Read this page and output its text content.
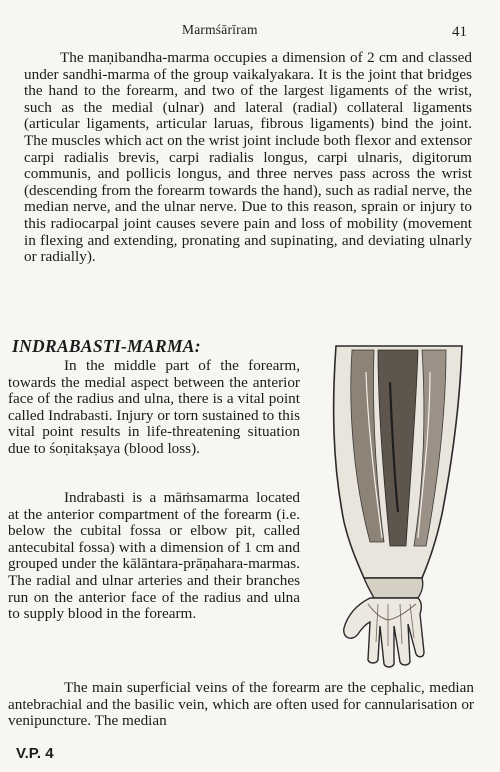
Marmśārīram	41

The maṇibandha-marma occupies a dimension of 2 cm and classed under sandhi-marma of the group vaikalyakara. It is the joint that bridges the hand to the forearm, and two of the largest ligaments of the wrist, such as the medial (ulnar) and lateral (radial) collateral ligaments (articular ligaments, articular laruas, fibrous ligaments) bind the joint. The muscles which act on the wrist joint include both flexor and extensor carpi radialis brevis, carpi radialis longus, carpi ulnaris, digitorum communis, and pollicis longus, and three nerves pass across the wrist (descending from the forearm towards the hand), such as radial nerve, the median nerve, and the ulnar nerve. Due to this reason, sprain or injury to this radiocarpal joint causes severe pain and loss of mobility (movement in flexing and extending, pronating and supinating, and deviating ulnarly or radially).

INDRABASTI-MARMA:

In the middle part of the forearm, towards the medial aspect between the anterior face of the radius and ulna, there is a vital point called Indrabasti. Injury or torn sustained to this vital point results in life-threatening situation due to śoṇitakṣaya (blood loss).

Indrabasti is a māṁsamarma located at the anterior compartment of the forearm (i.e. below the cubital fossa or elbow pit, called antecubital fossa) with a dimension of 1 cm and grouped under the kālāntara-prāṇahara-marmas. The radial and ulnar arteries and their branches run on the anterior face of the radius and ulna to supply blood in the forearm.

The main superficial veins of the forearm are the cephalic, median antebrachial and the basilic vein, which are often used for cannularisation or venipuncture. The median

V.P. 4
